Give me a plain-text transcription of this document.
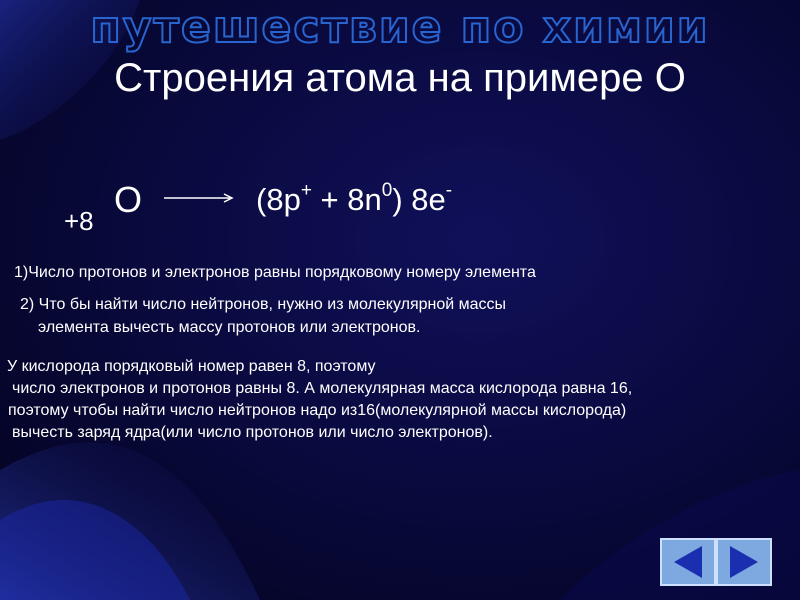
путешествие по химии
Строения атома на примере О
+8
О	$(8p^+ + 8n^0)$ 8e-
1)Число протонов и электронов равны порядковому номеру элемента
2) Что бы найти число нейтронов, нужно из молекулярной массы
элемента вычесть массу протонов или электронов.
У кислорода порядковый номер равен 8, поэтому
число электронов и протонов равны 8. А молекулярная масса кислорода равна 16,
поэтому чтобы найти число нейтронов надо из16(молекулярной массы кислорода)
вычесть заряд ядра(или число протонов или число электронов).
